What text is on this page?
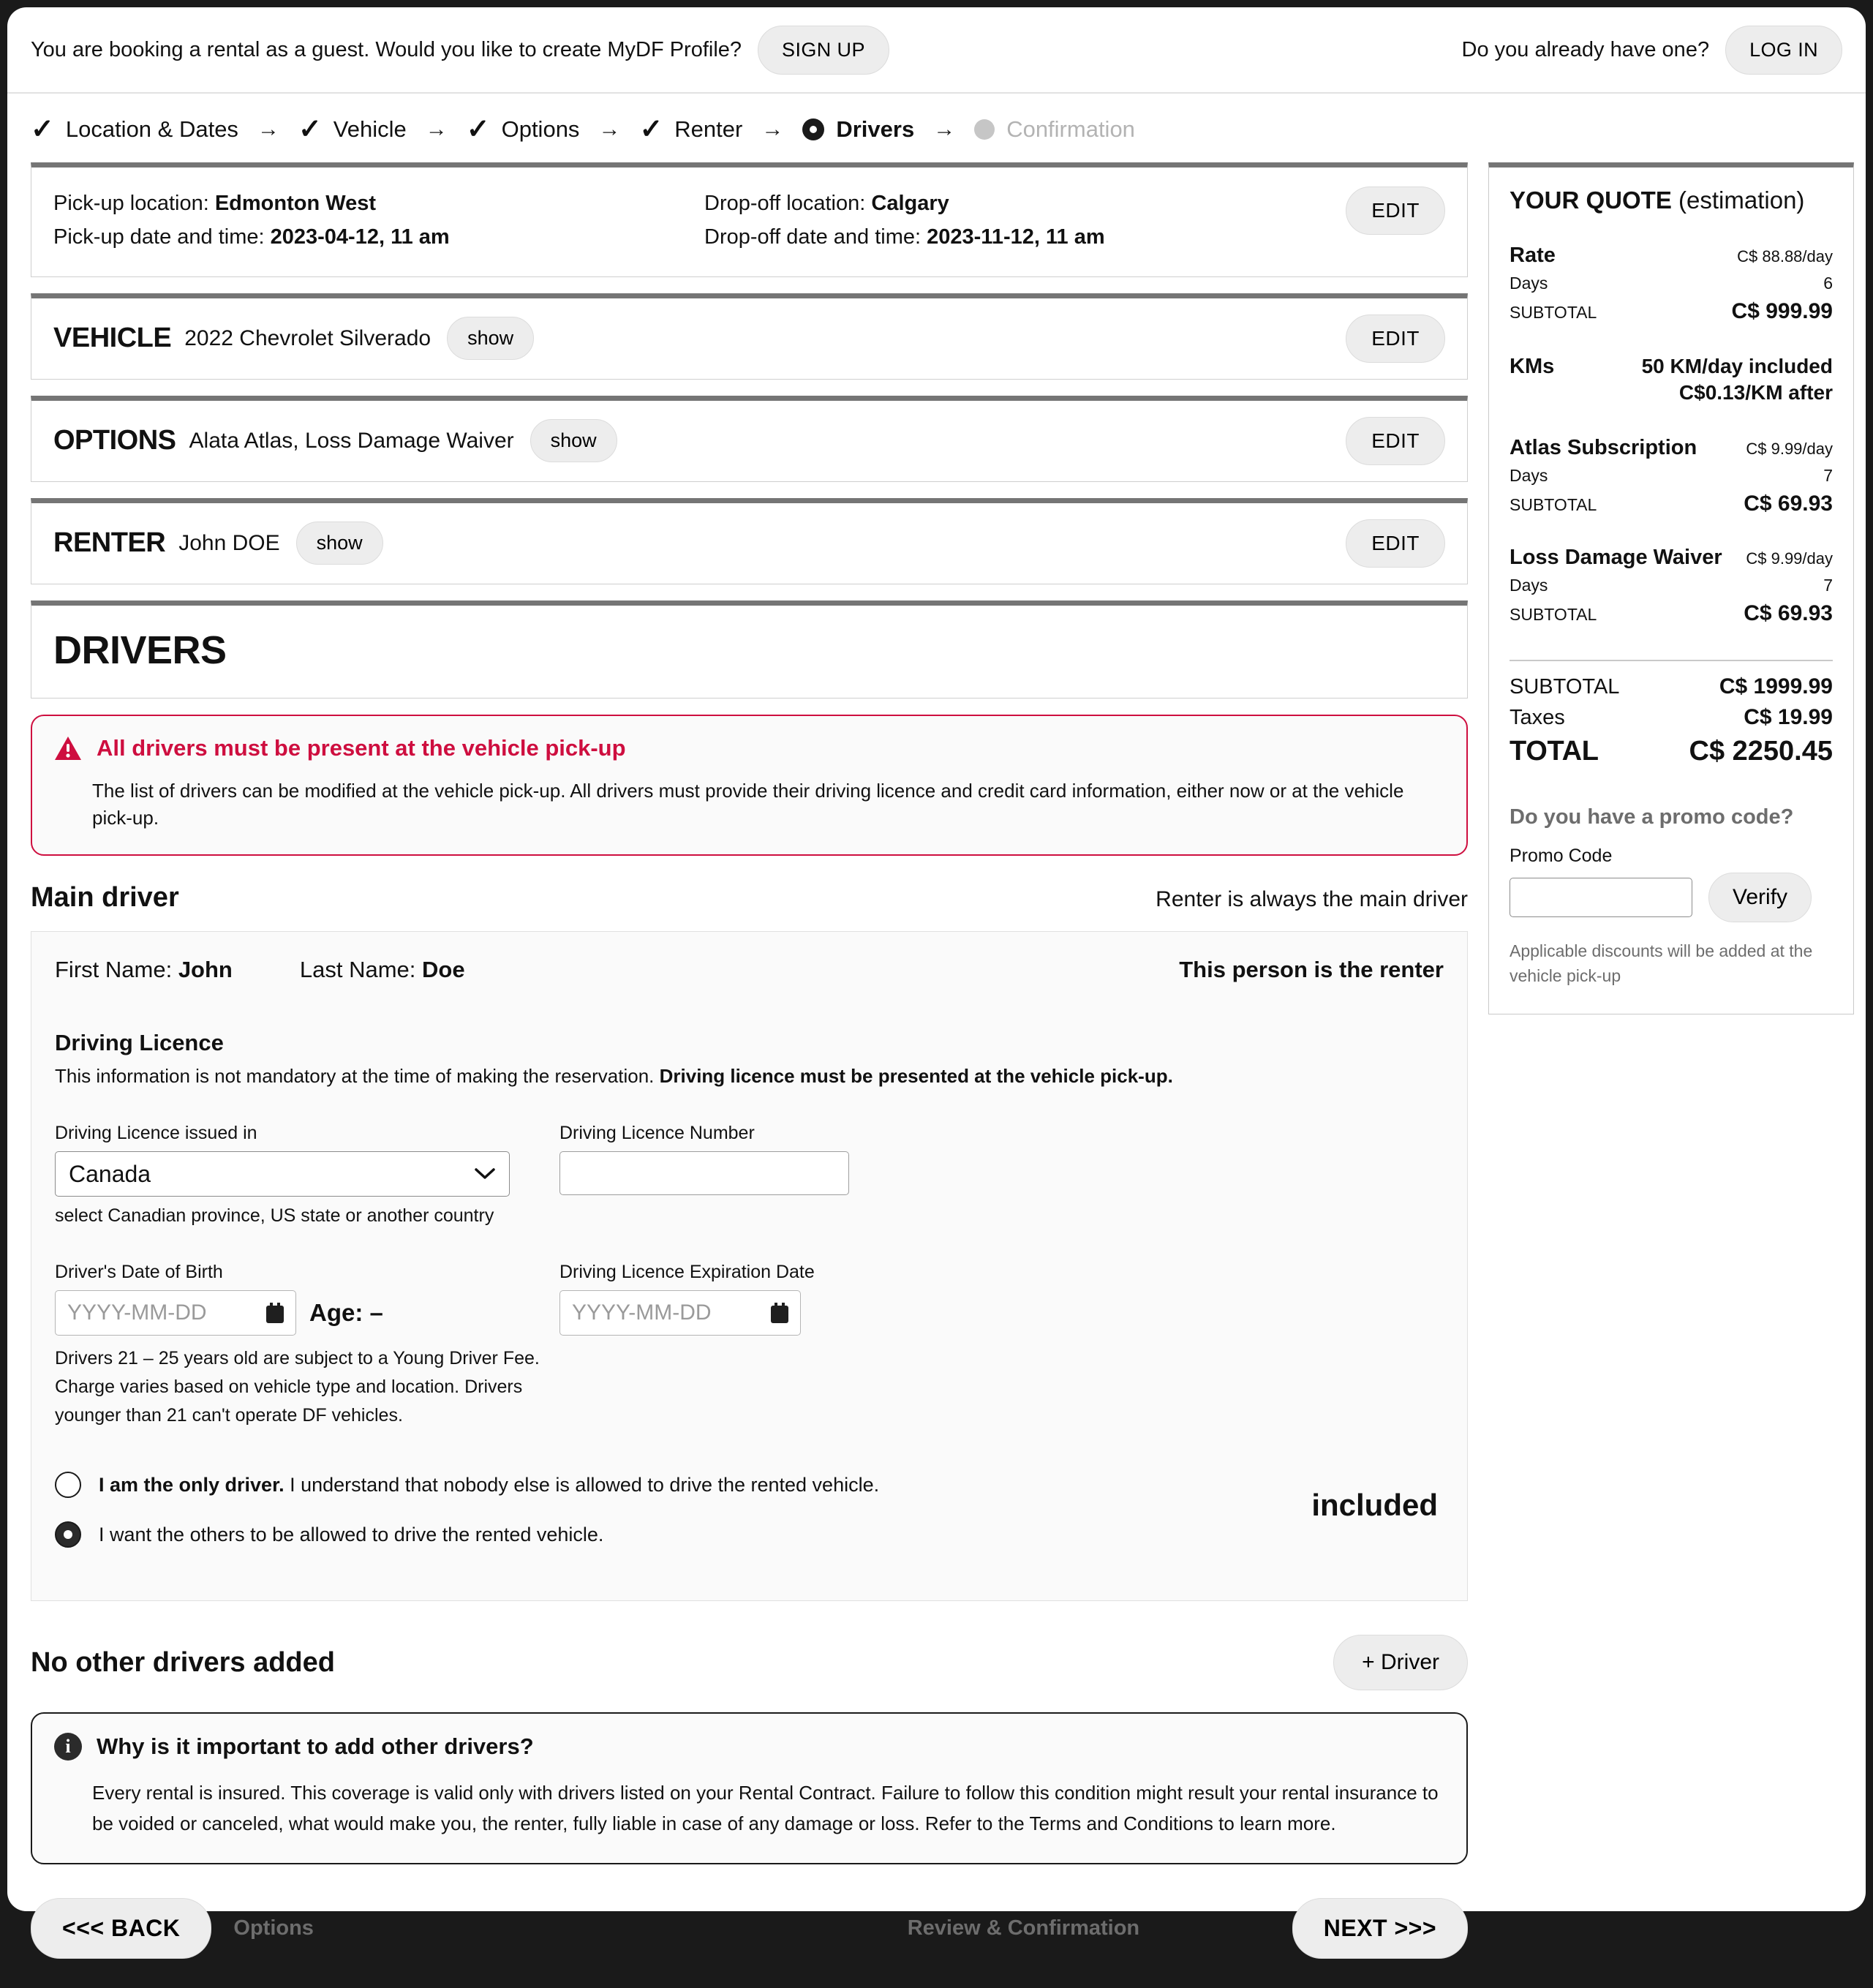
You are booking a rental as a guest. Would you like to create MyDF Profile?	SIGN UP	Do you already have one?	LOG IN
✓ Location & Dates → ✓ Vehicle → ✓ Options → ✓ Renter → Drivers → Confirmation
Pick-up location: Edmonton West
Pick-up date and time: 2023-04-12, 11 am
Drop-off location: Calgary
Drop-off date and time: 2023-11-12, 11 am
EDIT
VEHICLE 2022 Chevrolet Silverado	show	EDIT
OPTIONS Alata Atlas, Loss Damage Waiver	show	EDIT
RENTER John DOE	show	EDIT
DRIVERS
All drivers must be present at the vehicle pick-up
The list of drivers can be modified at the vehicle pick-up. All drivers must provide their driving licence and credit card information, either now or at the vehicle pick-up.
Main driver	Renter is always the main driver
First Name: John	Last Name: Doe	This person is the renter
Driving Licence
This information is not mandatory at the time of making the reservation. Driving licence must be presented at the vehicle pick-up.
Driving Licence issued in
Canada
select Canadian province, US state or another country
Driving Licence Number
Driver's Date of Birth
YYYY-MM-DD	Age: –
Drivers 21 – 25 years old are subject to a Young Driver Fee. Charge varies based on vehicle type and location. Drivers younger than 21 can't operate DF vehicles.
Driving Licence Expiration Date
YYYY-MM-DD
I am the only driver. I understand that nobody else is allowed to drive the rented vehicle.
I want the others to be allowed to drive the rented vehicle.
included
No other drivers added	+ Driver
i	Why is it important to add other drivers?
Every rental is insured. This coverage is valid only with drivers listed on your Rental Contract. Failure to follow this condition might result your rental insurance to be voided or canceled, what would make you, the renter, fully liable in case of any damage or loss. Refer to the Terms and Conditions to learn more.
<<< BACK	Options	Review & Confirmation	NEXT >>>
YOUR QUOTE (estimation)
Rate	C$ 88.88/day
Days	6
SUBTOTAL	C$ 999.99
KMs	50 KM/day included
C$0.13/KM after
Atlas Subscription	C$ 9.99/day
Days	7
SUBTOTAL	C$ 69.93
Loss Damage Waiver C$ 9.99/day
Days	7
SUBTOTAL	C$ 69.93
SUBTOTAL	C$ 1999.99
Taxes	C$ 19.99
TOTAL	C$ 2250.45
Do you have a promo code?
Promo Code
Verify
Applicable discounts will be added at the vehicle pick-up
